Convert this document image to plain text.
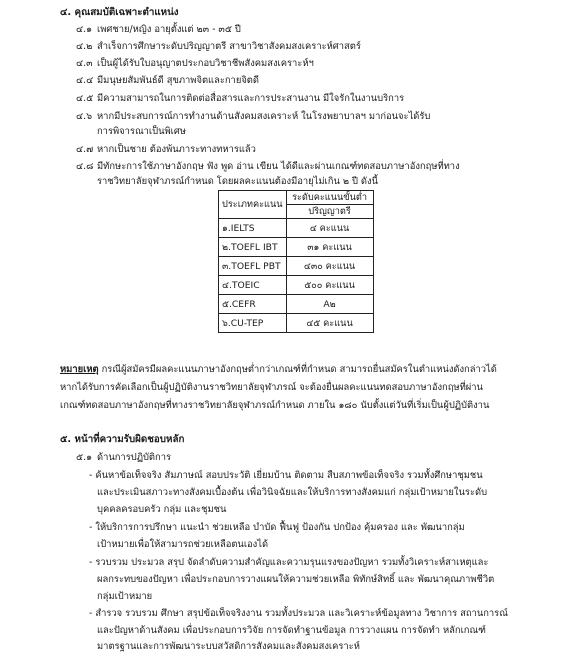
๔. คุณสมบัติเฉพาะตำแหน่ง
๔.๑ เพศชาย/หญิง อายุตั้งแต่ ๒๓ - ๓๕ ปี
๔.๒ สำเร็จการศึกษาระดับปริญญาตรี สาขาวิชาสังคมสงเคราะห์ศาสตร์
๔.๓ เป็นผู้ได้รับใบอนุญาตประกอบวิชาชีพสังคมสงเคราะห์ฯ
๔.๔ มีมนุษยสัมพันธ์ดี สุขภาพจิตและกายจิตดี
๔.๕ มีความสามารถในการติดต่อสื่อสารและการประสานงาน มีใจรักในงานบริการ
๔.๖ หากมีประสบการณ์การทำงานด้านสังคมสงเคราะห์ ในโรงพยาบาลฯ มาก่อนจะได้รับ
การพิจารณาเป็นพิเศษ
๔.๗ หากเป็นชาย ต้องพ้นภาระทางทหารแล้ว
๔.๘ มีทักษะการใช้ภาษาอังกฤษ ฟัง พูด อ่าน เขียน ได้ดีและผ่านเกณฑ์ทดสอบภาษาอังกฤษที่ทาง
ราชวิทยาลัยจุฬาภรณ์กำหนด โดยผลคะแนนต้องมีอายุไม่เกิน ๒ ปี ดังนี้
ประเภทคะแนน	ระดับคะแนนขั้นต่ำ
	ปริญญาตรี
๑.IELTS	๔ คะแนน
๒.TOEFL IBT	๓๑ คะแนน
๓.TOEFL PBT	๔๓๐ คะแนน
๔.TOEIC	๕๐๐ คะแนน
๕.CEFR	A๒
๖.CU-TEP	๔๕ คะแนน
หมายเหตุ กรณีผู้สมัครมีผลคะแนนภาษาอังกฤษต่ำกว่าเกณฑ์ที่กำหนด สามารถยื่นสมัครในตำแหน่งดังกล่าวได้
หากได้รับการคัดเลือกเป็นผู้ปฏิบัติงานราชวิทยาลัยจุฬาภรณ์ จะต้องยื่นผลคะแนนทดสอบภาษาอังกฤษที่ผ่าน
เกณฑ์ทดสอบภาษาอังกฤษที่ทางราชวิทยาลัยจุฬาภรณ์กำหนด ภายใน ๑๘๐ นับตั้งแต่วันที่เริ่มเป็นผู้ปฏิบัติงาน
๕. หน้าที่ความรับผิดชอบหลัก
๕.๑ ด้านการปฏิบัติการ
- ค้นหาข้อเท็จจริง สัมภาษณ์ สอบประวัติ เยี่ยมบ้าน ติดตาม สืบสภาพข้อเท็จจริง รวมทั้งศึกษาชุมชน
และประเมินสภาวะทางสังคมเบื้องต้น เพื่อวินิจฉัยและให้บริการทางสังคมแก่ กลุ่มเป้าหมายในระดับ
บุคคลครอบครัว กลุ่ม และชุมชน
- ให้บริการการปรึกษา แนะนำ ช่วยเหลือ บำบัด ฟื้นฟู ป้องกัน ปกป้อง คุ้มครอง และ พัฒนากลุ่ม
เป้าหมายเพื่อให้สามารถช่วยเหลือตนเองได้
- รวบรวม ประมวล สรุป จัดลำดับความสำคัญและความรุนแรงของปัญหา รวมทั้งวิเคราะห์สาเหตุและ
ผลกระทบของปัญหา เพื่อประกอบการวางแผนให้ความช่วยเหลือ พิทักษ์สิทธิ์ และ พัฒนาคุณภาพชีวิต
กลุ่มเป้าหมาย
- สำรวจ รวบรวม ศึกษา สรุปข้อเท็จจริงงาน รวมทั้งประมวล และวิเคราะห์ข้อมูลทาง วิชาการ สถานการณ์
และปัญหาด้านสังคม เพื่อประกอบการวิจัย การจัดทำฐานข้อมูล การวางแผน การจัดทำ หลักเกณฑ์
มาตรฐานและการพัฒนาระบบสวัสดิการสังคมและสังคมสงเคราะห์
